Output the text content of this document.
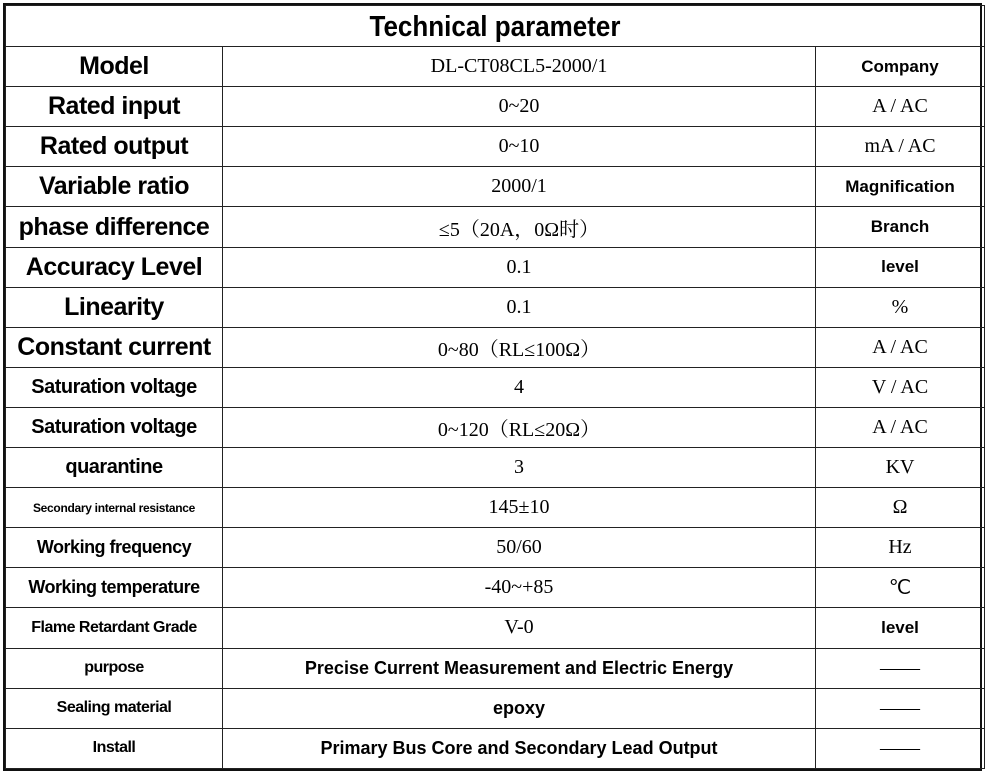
Technical parameter		
Model	DL-CT08CL5-2000/1	Company
Rated input	0~20	A / AC
Rated output	0~10	mA / AC
Variable ratio	2000/1	Magnification
phase difference	≤5（20A，0Ω时）	Branch
Accuracy Level	0.1	level
Linearity	0.1	%
Constant current	0~80（RL≤100Ω）	A / AC
Saturation voltage	4	V / AC
Saturation voltage	0~120（RL≤20Ω）	A / AC
quarantine	3	KV
Secondary internal resistance	145±10	Ω
Working frequency	50/60	Hz
Working temperature	-40~+85	℃
Flame Retardant Grade	V-0	level
purpose	Precise Current Measurement and Electric Energy	——
Sealing material	epoxy	——
Install	Primary Bus Core and Secondary Lead Output	——
